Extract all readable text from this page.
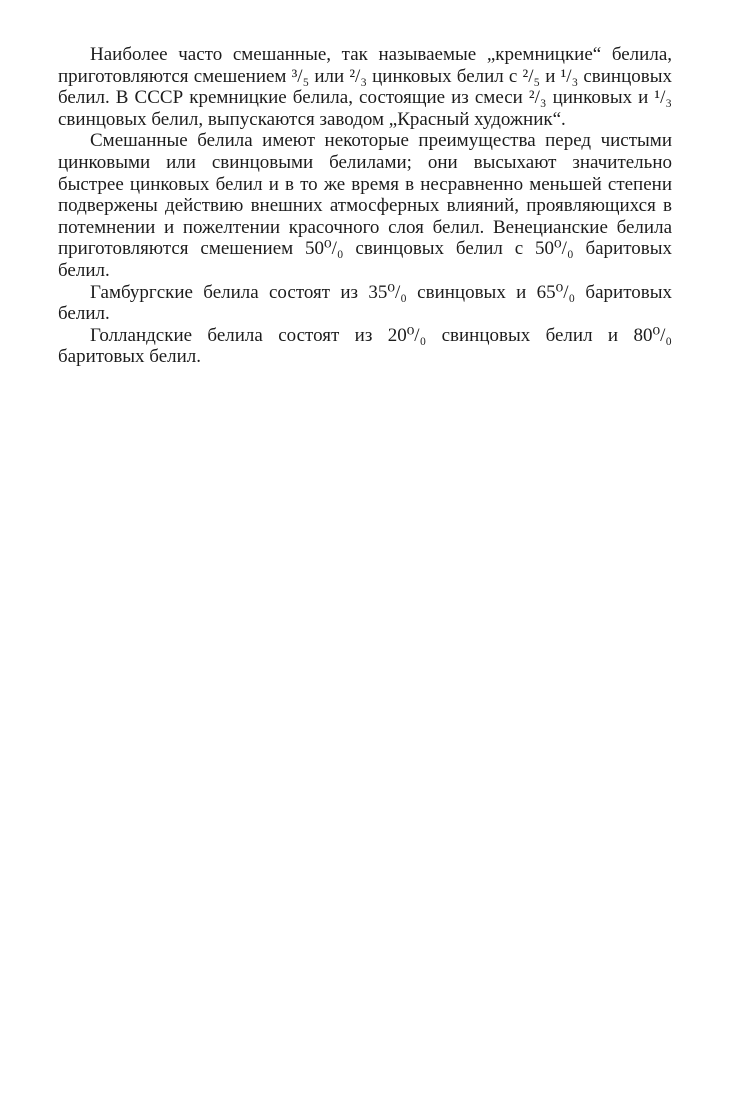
Наиболее часто смешанные, так называемые „кремницкие“ белила, приготовляются смешением ³/₅ или ²/₃ цинковых белил с ²/₅ и ¹/₃ свинцовых белил. В СССР кремницкие белила, состоящие из смеси ²/₃ цинковых и ¹/₃ свинцовых белил, выпускаются заводом „Красный художник“.

Смешанные белила имеют некоторые преимущества перед чистыми цинковыми или свинцовыми белилами; они высыхают значительно быстрее цинковых белил и в то же время в несравненно меньшей степени подвержены действию внешних атмосферных влияний, проявляющихся в потемнении и пожелтении красочного слоя белил. Венецианские белила приготовляются смешением 50⁰/₀ свинцовых белил с 50⁰/₀ баритовых белил.

Гамбургские белила состоят из 35⁰/₀ свинцовых и 65⁰/₀ баритовых белил.

Голландские белила состоят из 20⁰/₀ свинцовых белил и 80⁰/₀ баритовых белил.
